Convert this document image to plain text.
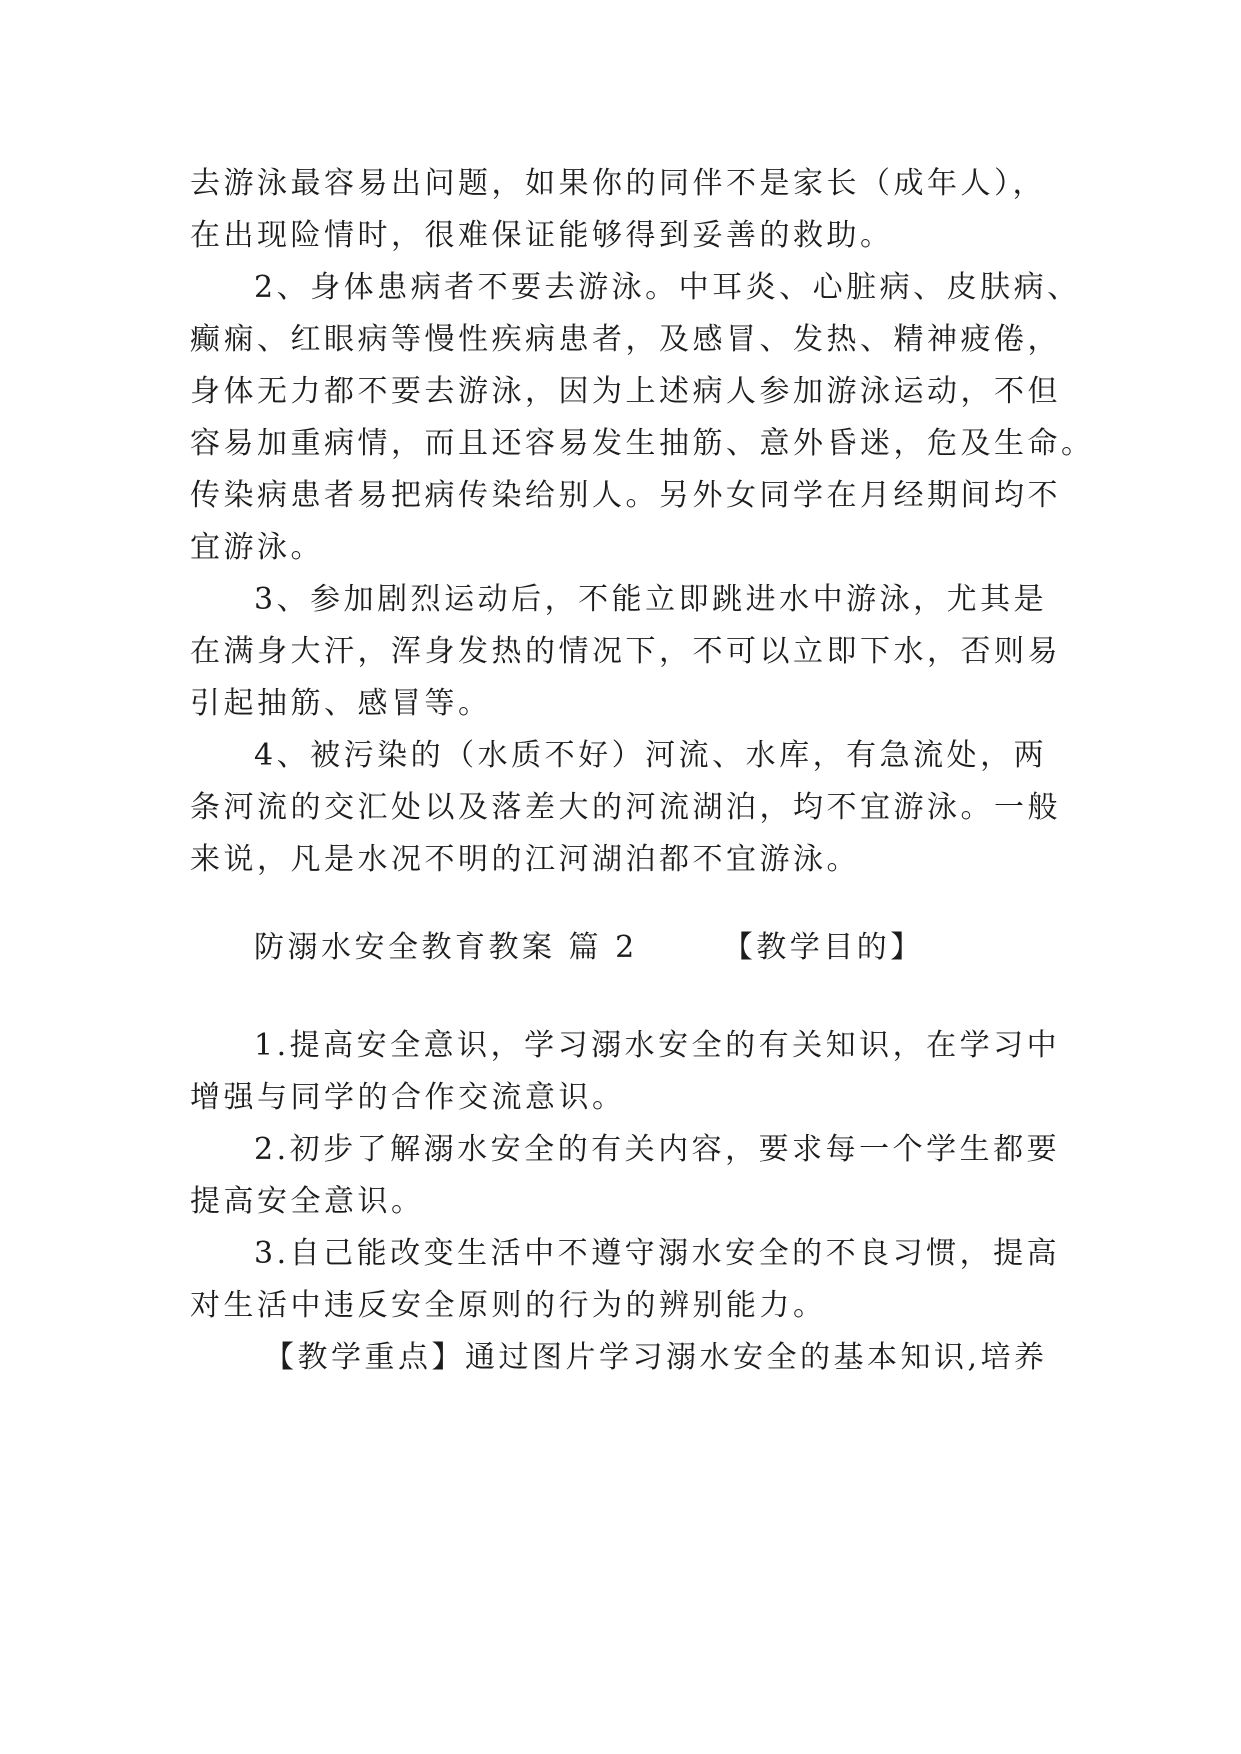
去游泳最容易出问题，如果你的同伴不是家长（成年人），
在出现险情时，很难保证能够得到妥善的救助。

2、身体患病者不要去游泳。中耳炎、心脏病、皮肤病、
癫痫、红眼病等慢性疾病患者，及感冒、发热、精神疲倦，
身体无力都不要去游泳，因为上述病人参加游泳运动，不但
容易加重病情，而且还容易发生抽筋、意外昏迷，危及生命。
传染病患者易把病传染给别人。另外女同学在月经期间均不
宜游泳。

3、参加剧烈运动后，不能立即跳进水中游泳，尤其是
在满身大汗，浑身发热的情况下，不可以立即下水，否则易
引起抽筋、感冒等。

4、被污染的（水质不好）河流、水库，有急流处，两
条河流的交汇处以及落差大的河流湖泊，均不宜游泳。一般
来说，凡是水况不明的江河湖泊都不宜游泳。

防溺水安全教育教案 篇 2	【教学目的】

1.提高安全意识，学习溺水安全的有关知识，在学习中
增强与同学的合作交流意识。

2.初步了解溺水安全的有关内容，要求每一个学生都要
提高安全意识。

3.自己能改变生活中不遵守溺水安全的不良习惯，提高
对生活中违反安全原则的行为的辨别能力。

【教学重点】通过图片学习溺水安全的基本知识,培养
